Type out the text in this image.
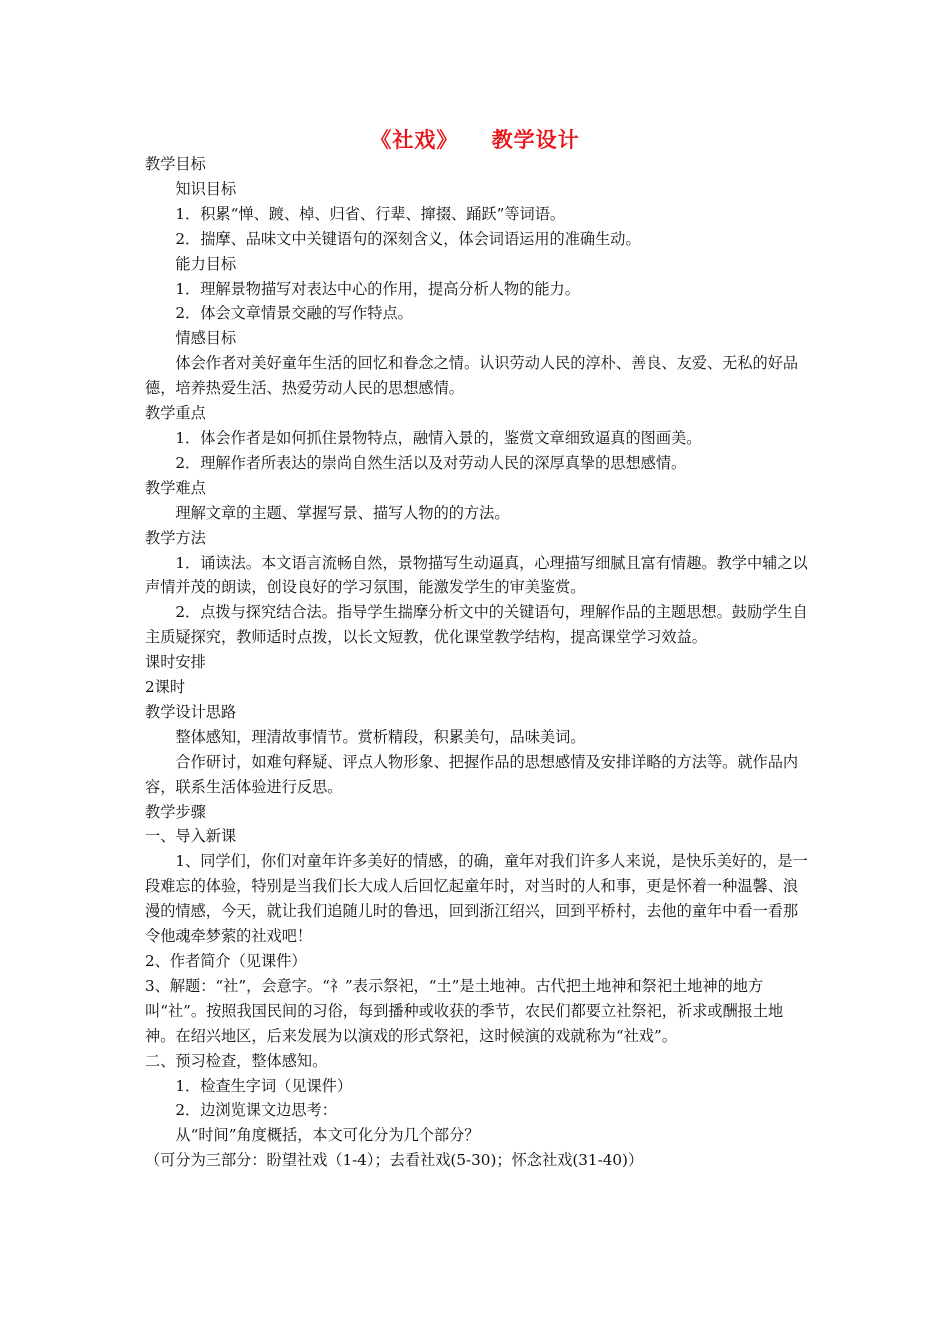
《社戏》    教学设计

教学目标

知识目标

1．积累“惮、踱、棹、归省、行辈、撺掇、踊跃”等词语。

2．揣摩、品味文中关键语句的深刻含义，体会词语运用的准确生动。

能力目标

1．理解景物描写对表达中心的作用，提高分析人物的能力。

2．体会文章情景交融的写作特点。

情感目标

体会作者对美好童年生活的回忆和眷念之情。认识劳动人民的淳朴、善良、友爱、无私的好品德，培养热爱生活、热爱劳动人民的思想感情。

教学重点

1．体会作者是如何抓住景物特点，融情入景的，鉴赏文章细致逼真的图画美。

2．理解作者所表达的崇尚自然生活以及对劳动人民的深厚真挚的思想感情。

教学难点

理解文章的主题、掌握写景、描写人物的的方法。

教学方法

1．诵读法。本文语言流畅自然，景物描写生动逼真，心理描写细腻且富有情趣。教学中辅之以声情并茂的朗读，创设良好的学习氛围，能激发学生的审美鉴赏。

2．点拨与探究结合法。指导学生揣摩分析文中的关键语句，理解作品的主题思想。鼓励学生自主质疑探究，教师适时点拨，以长文短教，优化课堂教学结构，提高课堂学习效益。

课时安排

2课时

教学设计思路

整体感知，理清故事情节。赏析精段，积累美句，品味美词。

合作研讨，如难句释疑、评点人物形象、把握作品的思想感情及安排详略的方法等。就作品内容，联系生活体验进行反思。

教学步骤

一、导入新课

1、同学们，你们对童年许多美好的情感，的确，童年对我们许多人来说，是快乐美好的，是一段难忘的体验，特别是当我们长大成人后回忆起童年时，对当时的人和事，更是怀着一种温馨、浪漫的情感，今天，就让我们追随儿时的鲁迅，回到浙江绍兴，回到平桥村，去他的童年中看一看那令他魂牵梦萦的社戏吧！

2、作者简介（见课件）

3、解题：“社”，会意字。“礻”表示祭祀，“土”是土地神。古代把土地神和祭祀土地神的地方叫“社”。按照我国民间的习俗，每到播种或收获的季节，农民们都要立社祭祀，祈求或酬报土地神。在绍兴地区，后来发展为以演戏的形式祭祀，这时候演的戏就称为“社戏”。

二、预习检查，整体感知。

1．检查生字词（见课件）

2．边浏览课文边思考：

从“时间”角度概括，本文可化分为几个部分？

（可分为三部分：盼望社戏（1-4）；去看社戏(5-30)；怀念社戏(31-40)）
